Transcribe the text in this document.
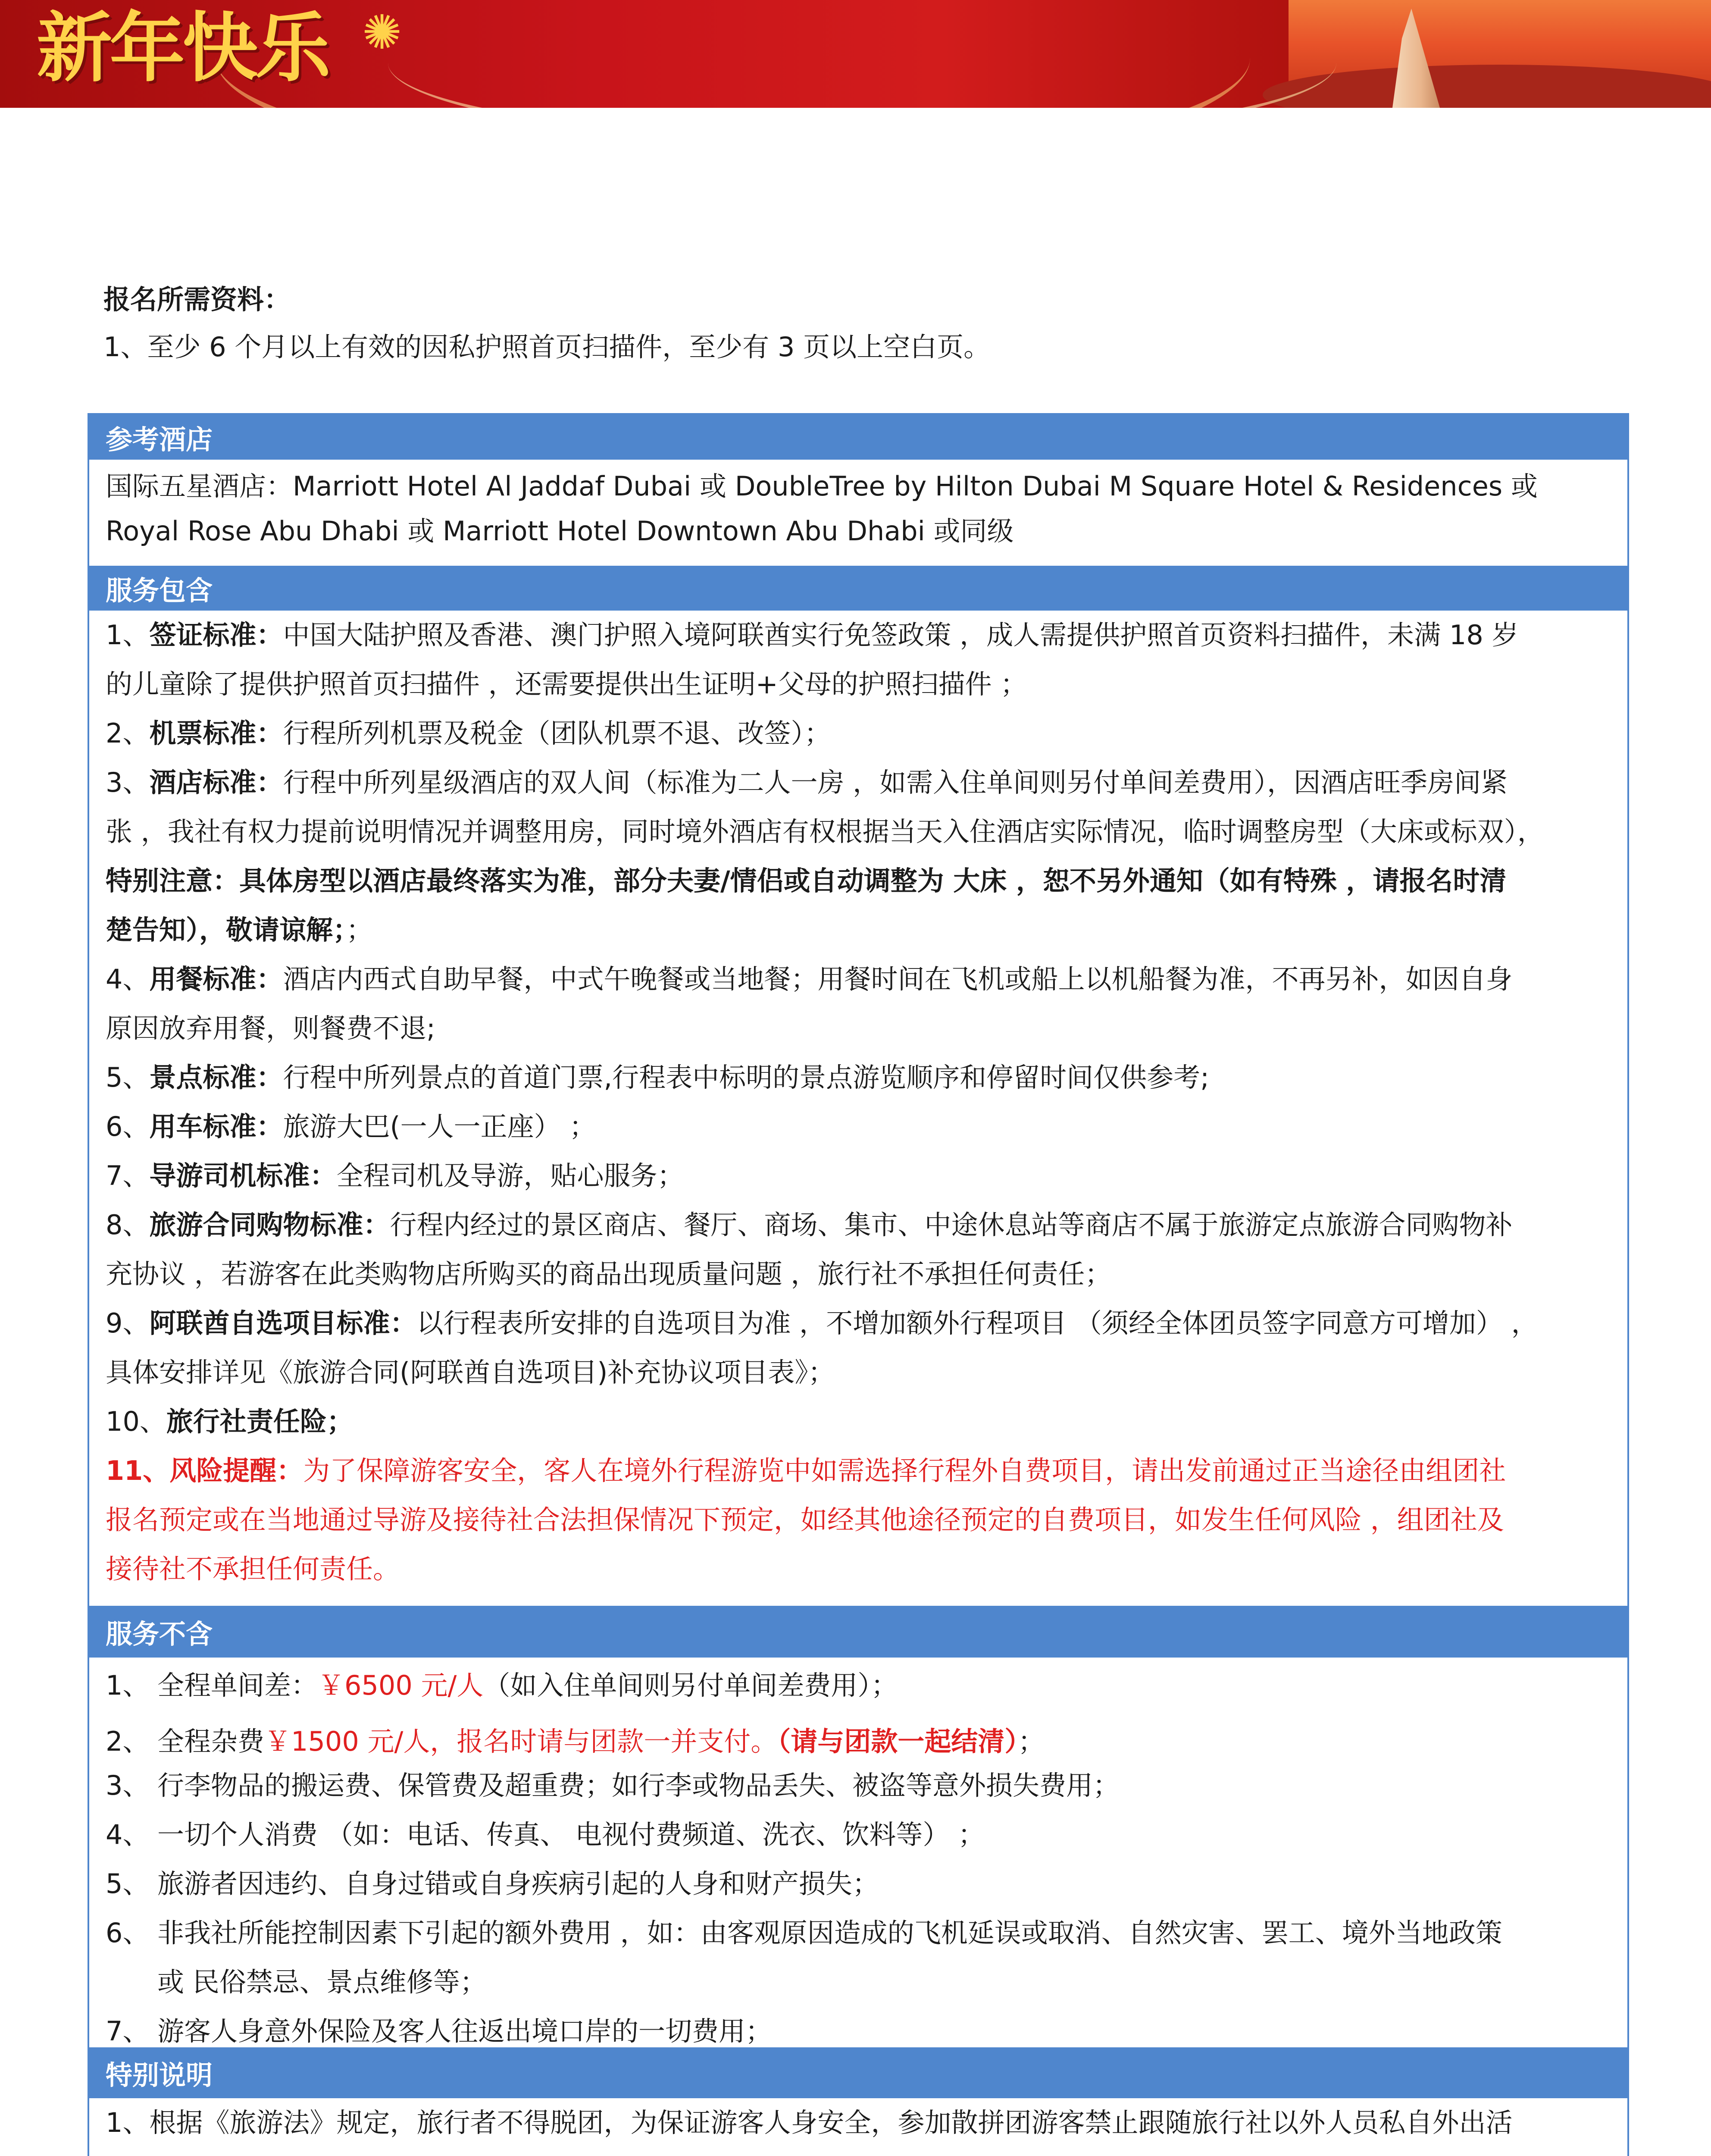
新年快乐 ✺
报名所需资料：
1、至少 6 个月以上有效的因私护照首页扫描件，至少有 3 页以上空白页。
参考酒店
国际五星酒店：Marriott Hotel Al Jaddaf Dubai 或 DoubleTree by Hilton Dubai M Square Hotel & Residences 或
Royal Rose Abu Dhabi 或 Marriott Hotel Downtown Abu Dhabi 或同级
服务包含
1、签证标准：中国大陆护照及香港、澳门护照入境阿联酋实行免签政策 ，成人需提供护照首页资料扫描件，未满 18 岁
的儿童除了提供护照首页扫描件 ，还需要提供出生证明+父母的护照扫描件 ；
2、机票标准：行程所列机票及税金（团队机票不退、改签）；
3、酒店标准：行程中所列星级酒店的双人间（标准为二人一房 ，如需入住单间则另付单间差费用），因酒店旺季房间紧
张 ，我社有权力提前说明情况并调整用房，同时境外酒店有权根据当天入住酒店实际情况，临时调整房型（大床或标双），
特别注意：具体房型以酒店最终落实为准，部分夫妻/情侣或自动调整为 大床 ，恕不另外通知（如有特殊 ，请报名时清
楚告知），敬请谅解；；
4、用餐标准：酒店内西式自助早餐，中式午晚餐或当地餐；用餐时间在飞机或船上以机船餐为准，不再另补，如因自身
原因放弃用餐，则餐费不退;
5、景点标准：行程中所列景点的首道门票,行程表中标明的景点游览顺序和停留时间仅供参考;
6、用车标准：旅游大巴(一人一正座） ；
7、导游司机标准：全程司机及导游，贴心服务；
8、旅游合同购物标准：行程内经过的景区商店、餐厅、商场、集市、中途休息站等商店不属于旅游定点旅游合同购物补
充协议 ，若游客在此类购物店所购买的商品出现质量问题 ，旅行社不承担任何责任；
9、阿联酋自选项目标准：以行程表所安排的自选项目为准 ，不增加额外行程项目 （须经全体团员签字同意方可增加） ，
具体安排详见《旅游合同(阿联酋自选项目)补充协议项目表》；
10、旅行社责任险；
11、风险提醒：为了保障游客安全，客人在境外行程游览中如需选择行程外自费项目，请出发前通过正当途径由组团社
报名预定或在当地通过导游及接待社合法担保情况下预定，如经其他途径预定的自费项目，如发生任何风险 ，组团社及
接待社不承担任何责任。
服务不含
1、 全程单间差：￥6500 元/人（如入住单间则另付单间差费用）；
2、 全程杂费￥1500 元/人，报名时请与团款一并支付。（请与团款一起结清）；
3、 行李物品的搬运费、保管费及超重费；如行李或物品丢失、被盗等意外损失费用；
4、 一切个人消费 （如：电话、传真、 电视付费频道、洗衣、饮料等） ；
5、 旅游者因违约、自身过错或自身疾病引起的人身和财产损失；
6、 非我社所能控制因素下引起的额外费用 ，如：由客观原因造成的飞机延误或取消、自然灾害、罢工、境外当地政策
或 民俗禁忌、景点维修等；
7、 游客人身意外保险及客人往返出境口岸的一切费用；
特别说明
1、根据《旅游法》规定，旅行者不得脱团，为保证游客人身安全，参加散拼团游客禁止跟随旅行社以外人员私自外出活
